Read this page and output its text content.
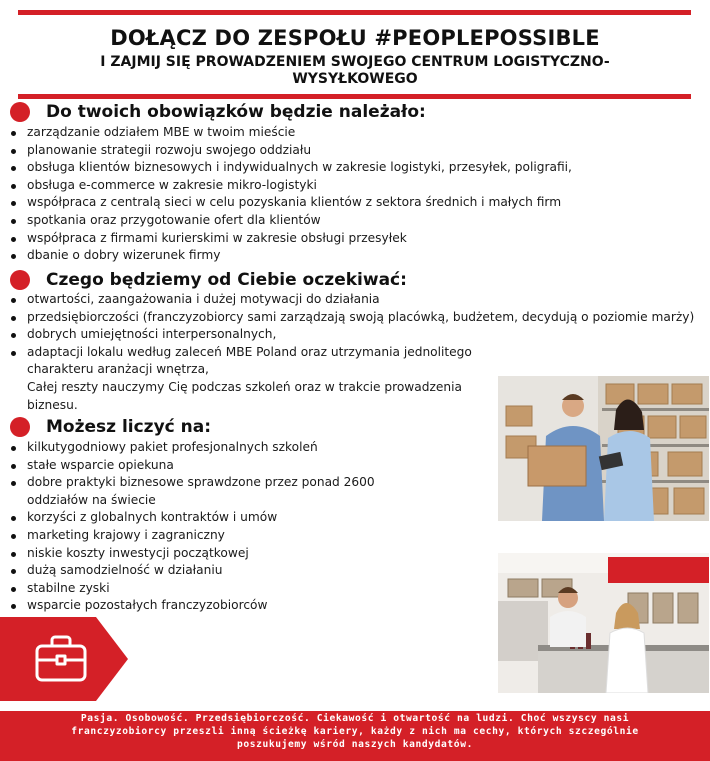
DOŁĄCZ DO ZESPOŁU #PEOPLEPOSSIBLE
I ZAJMIJ SIĘ PROWADZENIEM SWOJEGO CENTRUM LOGISTYCZNO-WYSYŁKOWEGO
Do twoich obowiązków będzie należało:
zarządzanie odziałem MBE w twoim mieście
planowanie strategii rozwoju swojego oddziału
obsługa klientów biznesowych i indywidualnych w zakresie logistyki, przesyłek, poligrafii,
obsługa e-commerce w zakresie mikro-logistyki
współpraca z centralą sieci w celu pozyskania klientów z sektora średnich i małych firm
spotkania oraz przygotowanie ofert dla klientów
współpraca z firmami kurierskimi w zakresie obsługi przesyłek
dbanie o dobry wizerunek firmy
Czego będziemy od Ciebie oczekiwać:
otwartości, zaangażowania i dużej motywacji do działania
przedsiębiorczości (franczyzobiorcy sami zarządzają swoją placówką, budżetem, decydują o poziomie marży)
dobrych umiejętności interpersonalnych,
adaptacji lokalu według zaleceń MBE Poland oraz utrzymania jednolitego
charakteru aranżacji wnętrza,
Całej reszty nauczymy Cię podczas szkoleń oraz w trakcie prowadzenia
biznesu.
Możesz liczyć na:
kilkutygodniowy pakiet profesjonalnych szkoleń
stałe wsparcie opiekuna
dobre praktyki biznesowe sprawdzone przez ponad 2600
oddziałów na świecie
korzyści z globalnych kontraktów i umów
marketing krajowy i zagraniczny
niskie koszty inwestycji początkowej
dużą samodzielność w działaniu
stabilne zyski
wsparcie pozostałych franczyzobiorców
Pasja. Osobowość. Przedsiębiorczość. Ciekawość i otwartość na ludzi. Choć wszyscy nasi franczyzobiorcy przeszli inną ścieżkę kariery, każdy z nich ma cechy, których szczególnie poszukujemy wśród naszych kandydatów.
